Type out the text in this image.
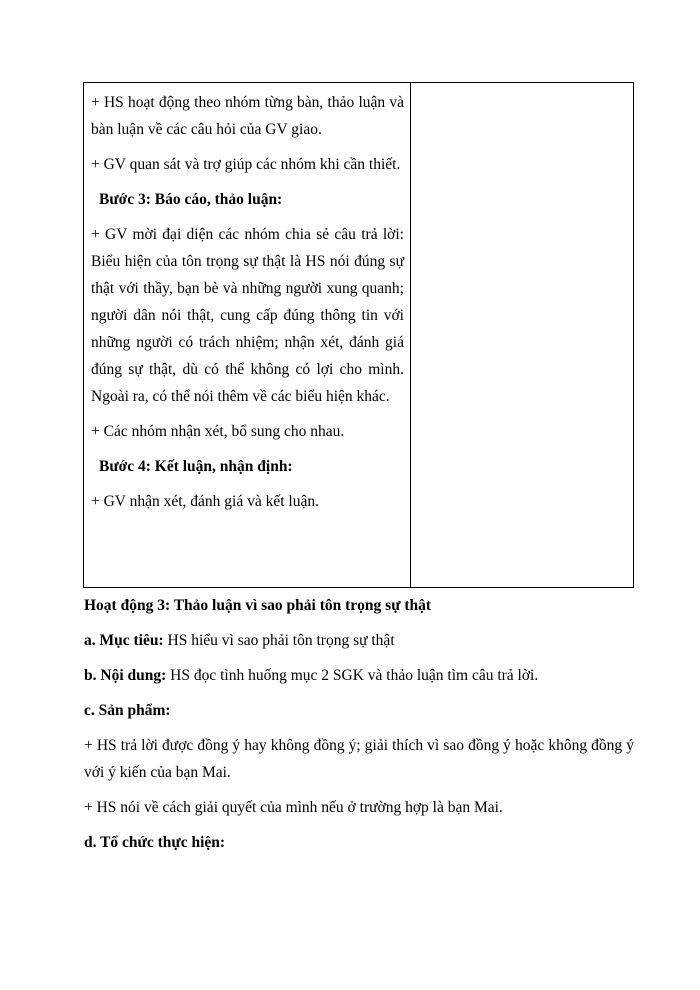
+ HS hoạt động theo nhóm từng bàn, thảo luận và bàn luận về các câu hỏi của GV giao.

+ GV quan sát và trợ giúp các nhóm khi cần thiết.

Bước 3: Báo cáo, thảo luận:

+ GV mời đại diện các nhóm chia sẻ câu trả lời: Biểu hiện của tôn trọng sự thật là HS nói đúng sự thật với thầy, bạn bè và những người xung quanh; người dân nói thật, cung cấp đúng thông tin với những người có trách nhiệm; nhận xét, đánh giá đúng sự thật, dù có thể không có lợi cho mình. Ngoài ra, có thể nói thêm về các biểu hiện khác.

+ Các nhóm nhận xét, bổ sung cho nhau.

Bước 4: Kết luận, nhận định:

+ GV nhận xét, đánh giá và kết luận.

Hoạt động 3: Thảo luận vì sao phải tôn trọng sự thật

a. Mục tiêu: HS hiểu vì sao phải tôn trọng sự thật

b. Nội dung: HS đọc tình huống mục 2 SGK và thảo luận tìm câu trả lời.

c. Sản phẩm:

+ HS trả lời được đồng ý hay không đồng ý; giải thích vì sao đồng ý hoặc không đồng ý với ý kiến của bạn Mai.

+ HS nói về cách giải quyết của mình nếu ở trường hợp là bạn Mai.

d. Tổ chức thực hiện:
